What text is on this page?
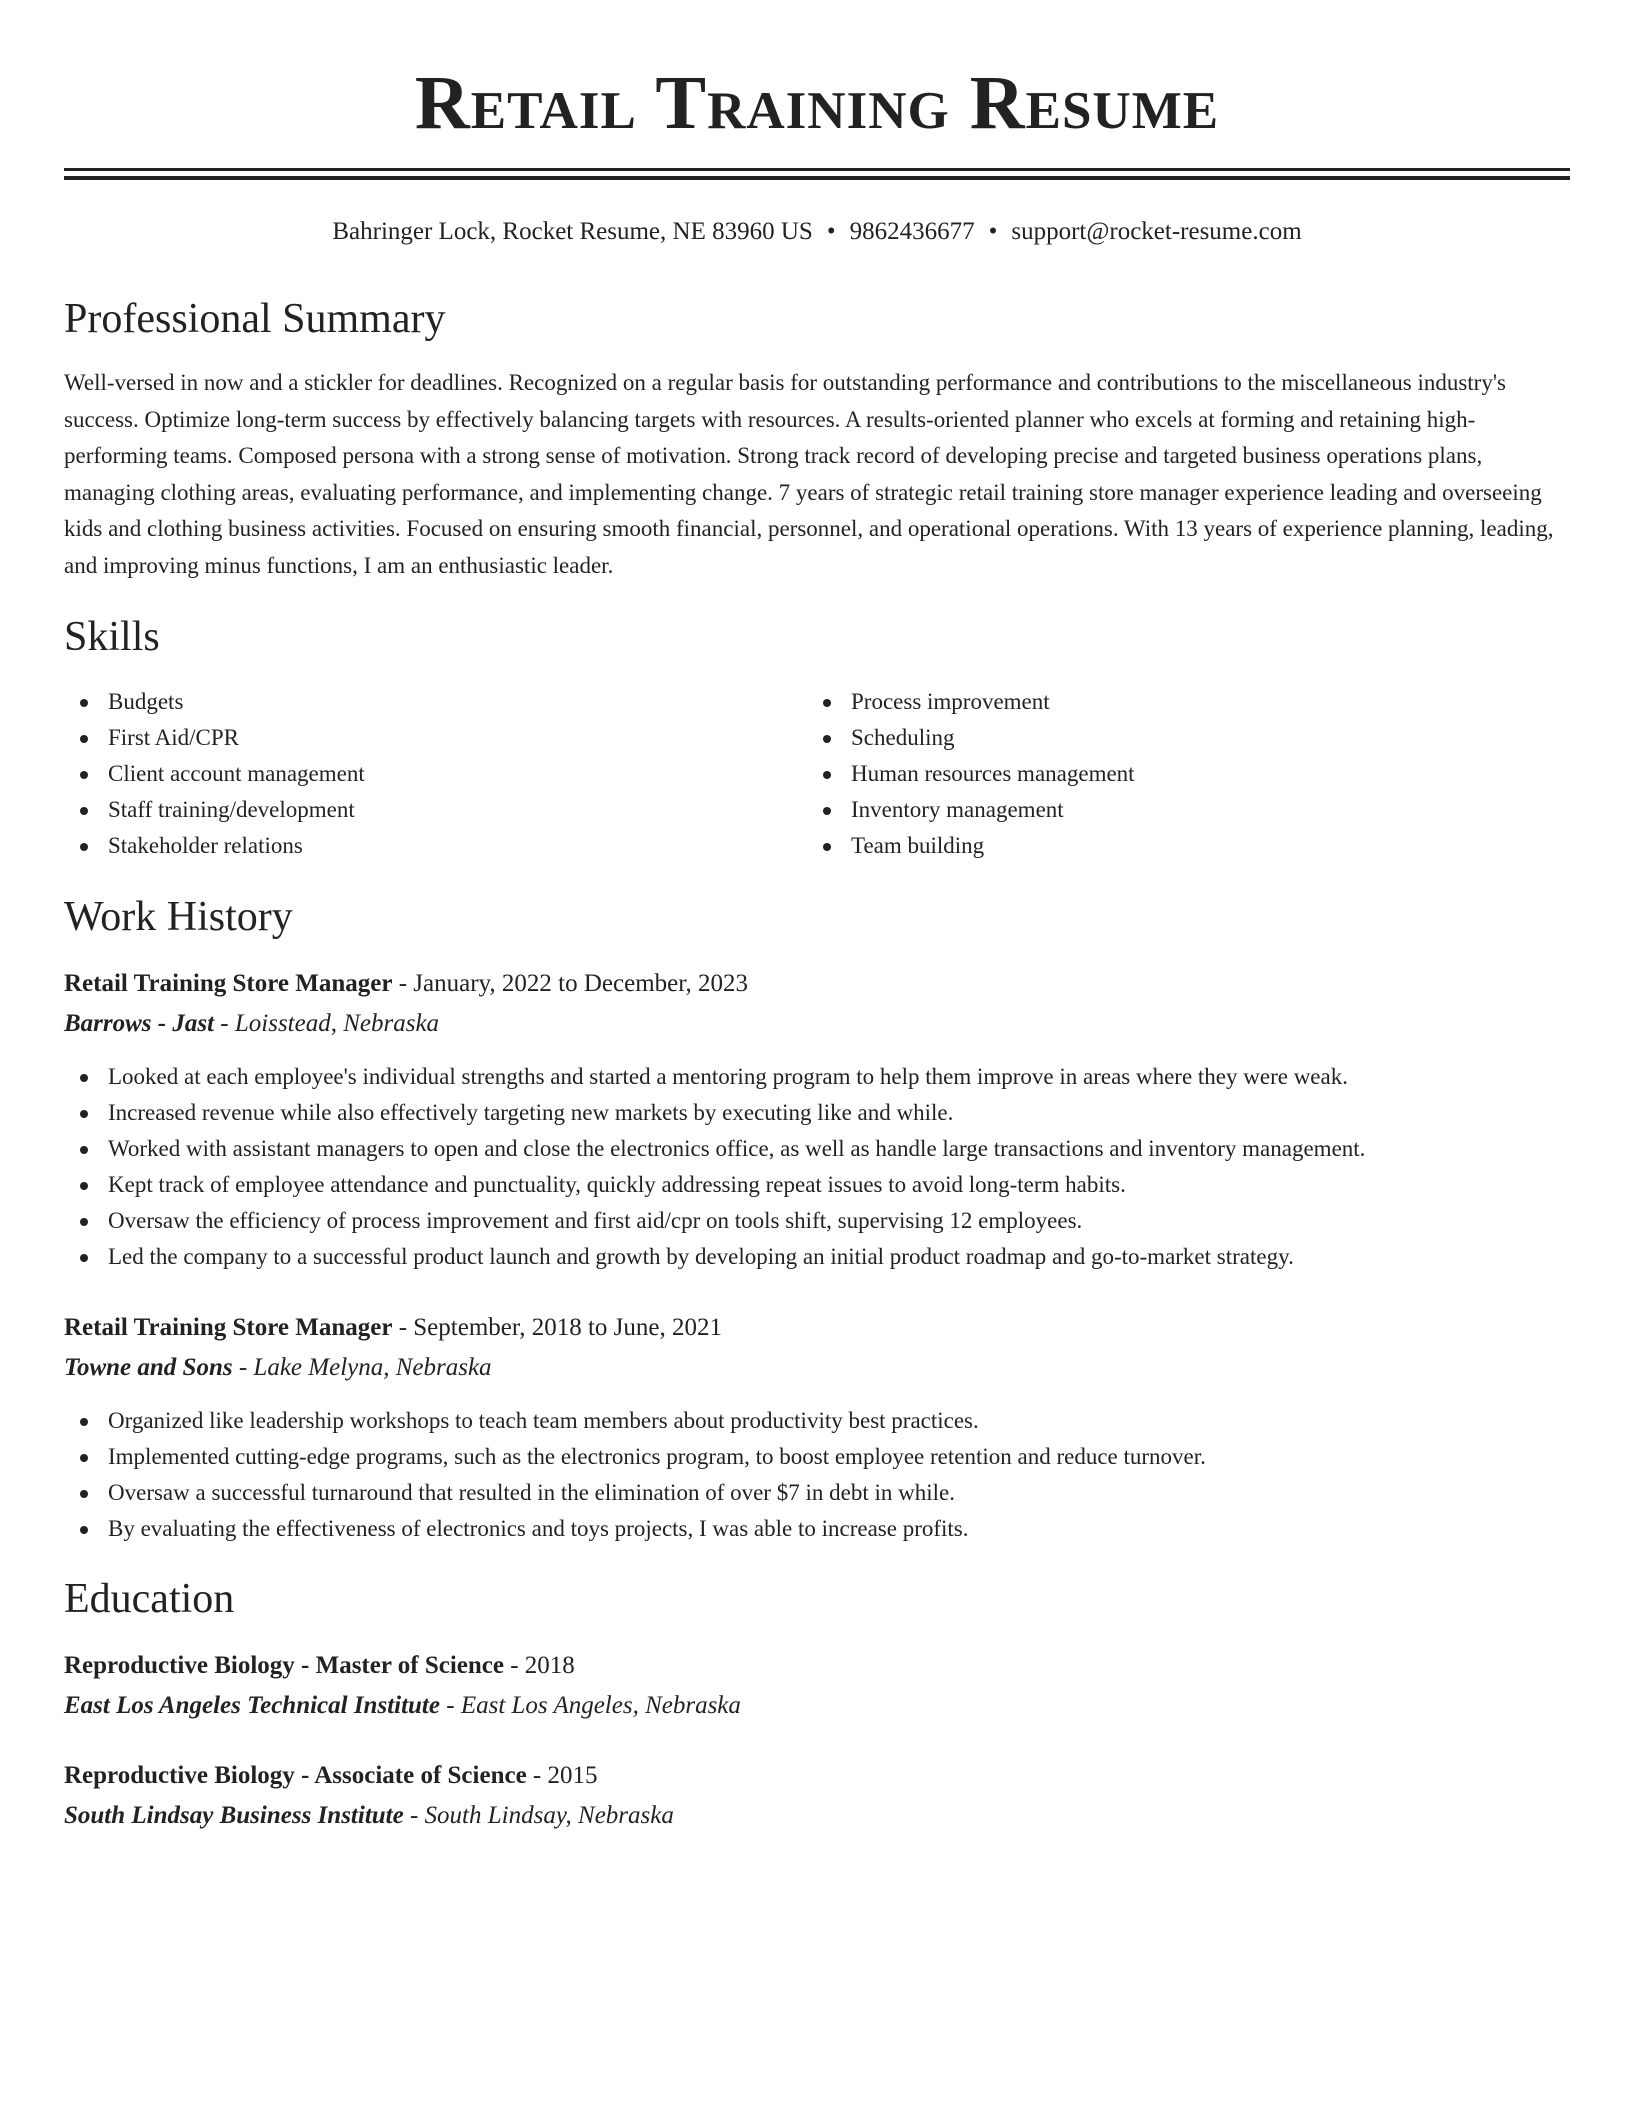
Retail Training Resume
Bahringer Lock, Rocket Resume, NE 83960 US • 9862436677 • support@rocket-resume.com
Professional Summary

Well-versed in now and a stickler for deadlines. Recognized on a regular basis for outstanding performance and contributions to the miscellaneous industry's success. Optimize long-term success by effectively balancing targets with resources. A results-oriented planner who excels at forming and retaining high-performing teams. Composed persona with a strong sense of motivation. Strong track record of developing precise and targeted business operations plans, managing clothing areas, evaluating performance, and implementing change. 7 years of strategic retail training store manager experience leading and overseeing kids and clothing business activities. Focused on ensuring smooth financial, personnel, and operational operations. With 13 years of experience planning, leading, and improving minus functions, I am an enthusiastic leader.

Skills
Budgets
First Aid/CPR
Client account management
Staff training/development
Stakeholder relations
Process improvement
Scheduling
Human resources management
Inventory management
Team building
Work History
Retail Training Store Manager - January, 2022 to December, 2023
Barrows - Jast - Loisstead, Nebraska
Looked at each employee's individual strengths and started a mentoring program to help them improve in areas where they were weak.
Increased revenue while also effectively targeting new markets by executing like and while.
Worked with assistant managers to open and close the electronics office, as well as handle large transactions and inventory management.
Kept track of employee attendance and punctuality, quickly addressing repeat issues to avoid long-term habits.
Oversaw the efficiency of process improvement and first aid/cpr on tools shift, supervising 12 employees.
Led the company to a successful product launch and growth by developing an initial product roadmap and go-to-market strategy.
Retail Training Store Manager - September, 2018 to June, 2021
Towne and Sons - Lake Melyna, Nebraska
Organized like leadership workshops to teach team members about productivity best practices.
Implemented cutting-edge programs, such as the electronics program, to boost employee retention and reduce turnover.
Oversaw a successful turnaround that resulted in the elimination of over $7 in debt in while.
By evaluating the effectiveness of electronics and toys projects, I was able to increase profits.
Education
Reproductive Biology - Master of Science - 2018
East Los Angeles Technical Institute - East Los Angeles, Nebraska
Reproductive Biology - Associate of Science - 2015
South Lindsay Business Institute - South Lindsay, Nebraska
